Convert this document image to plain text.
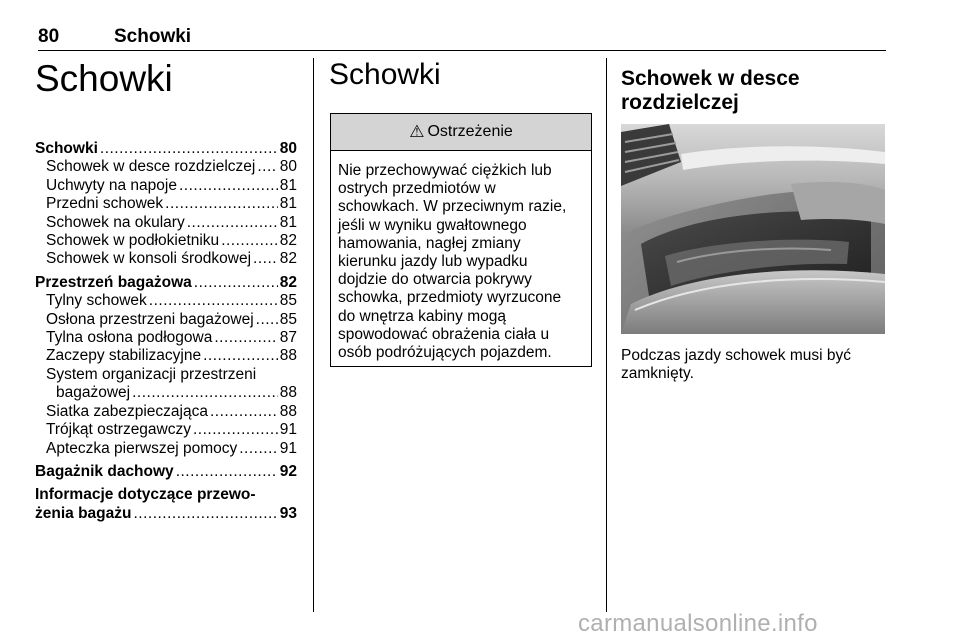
80	Schowki
Schowki
Schowki .....	80
Schowek w desce rozdzielczej ..... 80
Uchwyty na napoje .....	81
Przedni schowek .....	81
Schowek na okulary .....	81
Schowek w podłokietniku .....	82
Schowek w konsoli środkowej ..... 82
Przestrzeń bagażowa .....	82
Tylny schowek .....	85
Osłona przestrzeni bagażowej ..... 85
Tylna osłona podłogowa .....	87
Zaczepy stabilizacyjne .....	88
System organizacji przestrzeni
bagażowej .....	88
Siatka zabezpieczająca .....	88
Trójkąt ostrzegawczy .....	91
Apteczka pierwszej pomocy .....	91
Bagażnik dachowy .....	92
Informacje dotyczące przewo-
żenia bagażu .....	93
Schowki
⚠ Ostrzeżenie
Nie przechowywać ciężkich lub
ostrych przedmiotów w
schowkach. W przeciwnym razie,
jeśli w wyniku gwałtownego
hamowania, nagłej zmiany
kierunku jazdy lub wypadku
dojdzie do otwarcia pokrywy
schowka, przedmioty wyrzucone
do wnętrza kabiny mogą
spowodować obrażenia ciała u
osób podróżujących pojazdem.
Schowek w desce
rozdzielczej
Podczas jazdy schowek musi być
zamknięty.
carmanualsonline.info
